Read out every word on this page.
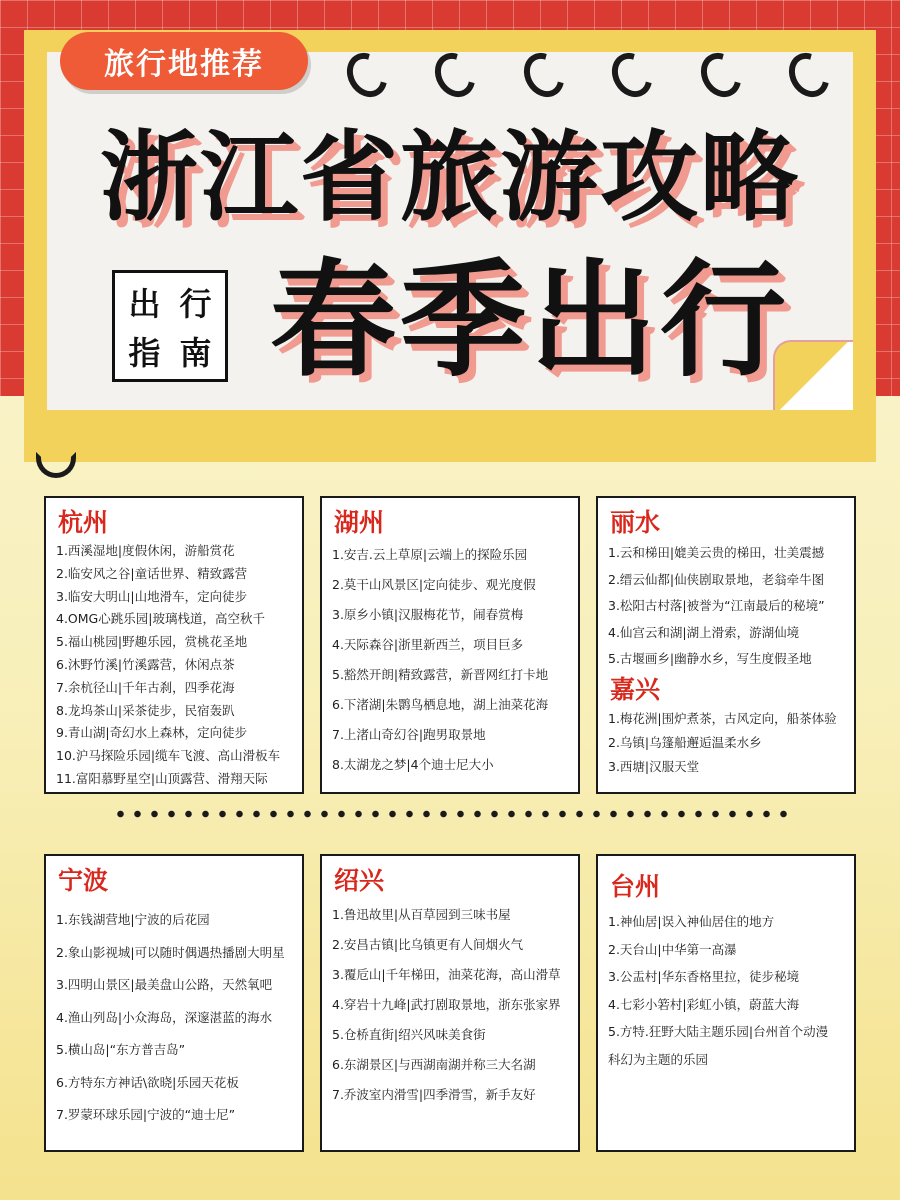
旅行地推荐
浙江省旅游攻略
出 行
指 南 春季出行
杭州
1.西溪湿地|度假休闲，游船赏花
2.临安风之谷|童话世界、精致露营
3.临安大明山|山地滑车，定向徒步
4.OMG心跳乐园|玻璃栈道，高空秋千
5.福山桃园|野趣乐园，赏桃花圣地
6.沐野竹溪|竹溪露营，休闲点茶
7.余杭径山|千年古刹，四季花海
8.龙坞茶山|采茶徒步，民宿轰趴
9.青山湖|奇幻水上森林，定向徒步
10.沪马探险乐园|缆车飞渡、高山滑板车
11.富阳慕野星空|山顶露营、滑翔天际
湖州
1.安吉.云上草原|云端上的探险乐园
2.莫干山风景区|定向徒步、观光度假
3.原乡小镇|汉服梅花节，闹春赏梅
4.天际森谷|浙里新西兰，项目巨多
5.豁然开朗|精致露营，新晋网红打卡地
6.下渚湖|朱鹮鸟栖息地，湖上油菜花海
7.上渚山奇幻谷|跑男取景地
8.太湖龙之梦|4个迪士尼大小
丽水
1.云和梯田|媲美云贵的梯田，壮美震撼
2.缙云仙都|仙侠剧取景地，老翁牵牛图
3.松阳古村落|被誉为“江南最后的秘境”
4.仙宫云和湖|湖上滑索，游湖仙境
5.古堰画乡|幽静水乡，写生度假圣地
嘉兴
1.梅花洲|围炉煮茶，古风定向，船茶体验
2.乌镇|乌篷船邂逅温柔水乡
3.西塘|汉服天堂
宁波
1.东钱湖营地|宁波的后花园
2.象山影视城|可以随时偶遇热播剧大明星
3.四明山景区|最美盘山公路，天然氧吧
4.渔山列岛|小众海岛，深邃湛蓝的海水
5.横山岛|“东方普吉岛”
6.方特东方神话\欲晓|乐园天花板
7.罗蒙环球乐园|宁波的“迪士尼”
绍兴
1.鲁迅故里|从百草园到三味书屋
2.安昌古镇|比乌镇更有人间烟火气
3.覆卮山|千年梯田，油菜花海，高山滑草
4.穿岩十九峰|武打剧取景地，浙东张家界
5.仓桥直街|绍兴风味美食街
6.东湖景区|与西湖南湖并称三大名湖
7.乔波室内滑雪|四季滑雪，新手友好
台州
1.神仙居|误入神仙居住的地方
2.天台山|中华第一高瀑
3.公盂村|华东香格里拉，徒步秘境
4.七彩小箬村|彩虹小镇，蔚蓝大海
5.方特.狂野大陆主题乐园|台州首个动漫
科幻为主题的乐园
